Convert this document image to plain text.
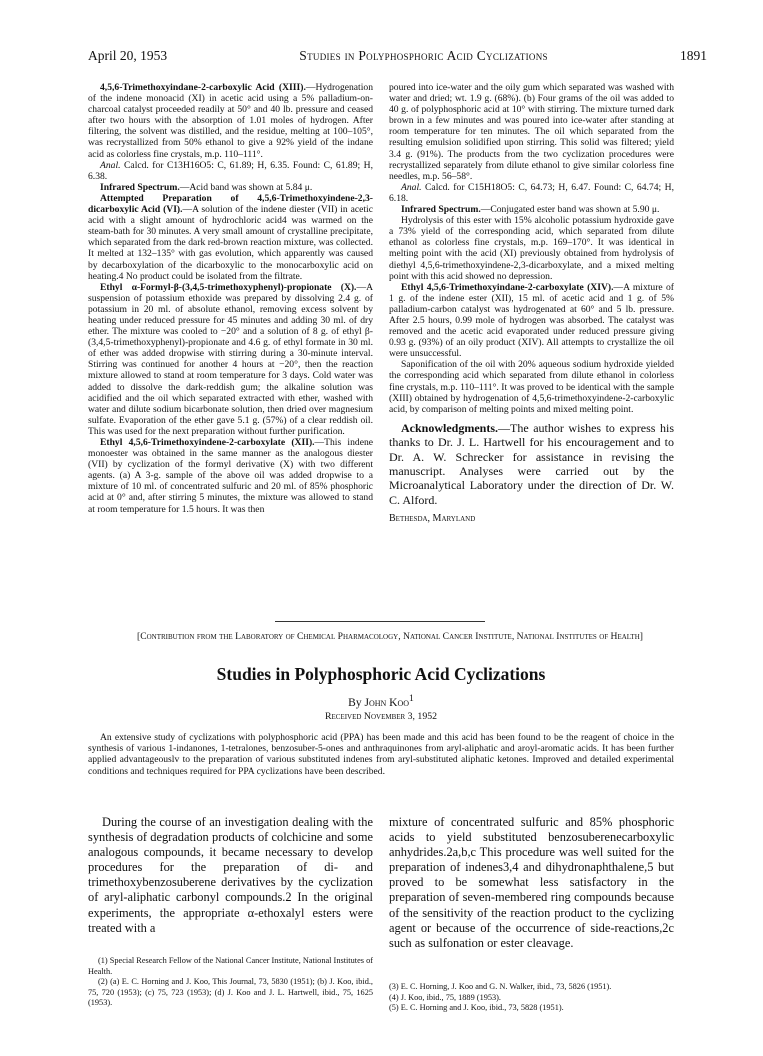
April 20, 1953	Studies in Polyphosphoric Acid Cyclizations	1891

4,5,6-Trimethoxyindane-2-carboxylic Acid (XIII).—Hydrogenation of the indene monoacid (XI) in acetic acid using a 5% palladium-on-charcoal catalyst proceeded readily at 50° and 40 lb. pressure and ceased after two hours with the absorption of 1.01 moles of hydrogen. After filtering, the solvent was distilled, and the residue, melting at 100–105°, was recrystallized from 50% ethanol to give a 92% yield of the indane acid as colorless fine crystals, m.p. 110–111°.

Anal. Calcd. for C13H16O5: C, 61.89; H, 6.35. Found: C, 61.89; H, 6.38.

Infrared Spectrum.—Acid band was shown at 5.84 μ.

Attempted Preparation of 4,5,6-Trimethoxyindene-2,3-dicarboxylic Acid (VI).—A solution of the indene diester (VII) in acetic acid with a slight amount of hydrochloric acid4 was warmed on the steam-bath for 30 minutes. A very small amount of crystalline precipitate, which separated from the dark red-brown reaction mixture, was collected. It melted at 132–135° with gas evolution, which apparently was caused by decarboxylation of the dicarboxylic to the monocarboxylic acid on heating.4 No product could be isolated from the filtrate.

Ethyl α-Formyl-β-(3,4,5-trimethoxyphenyl)-propionate (X).—A suspension of potassium ethoxide was prepared by dissolving 2.4 g. of potassium in 20 ml. of absolute ethanol, removing excess solvent by heating under reduced pressure for 45 minutes and adding 30 ml. of dry ether. The mixture was cooled to −20° and a solution of 8 g. of ethyl β-(3,4,5-trimethoxyphenyl)-propionate and 4.6 g. of ethyl formate in 30 ml. of ether was added dropwise with stirring during a 30-minute interval. Stirring was continued for another 4 hours at −20°, then the reaction mixture allowed to stand at room temperature for 3 days. Cold water was added to dissolve the dark-reddish gum; the alkaline solution was acidified and the oil which separated extracted with ether, washed with water and dilute sodium bicarbonate solution, then dried over magnesium sulfate. Evaporation of the ether gave 5.1 g. (57%) of a clear reddish oil. This was used for the next preparation without further purification.

Ethyl 4,5,6-Trimethoxyindene-2-carboxylate (XII).—This indene monoester was obtained in the same manner as the analogous diester (VII) by cyclization of the formyl derivative (X) with two different agents. (a) A 3-g. sample of the above oil was added dropwise to a mixture of 10 ml. of concentrated sulfuric and 20 ml. of 85% phosphoric acid at 0° and, after stirring 5 minutes, the mixture was allowed to stand at room temperature for 1.5 hours. It was then

poured into ice-water and the oily gum which separated was washed with water and dried; wt. 1.9 g. (68%). (b) Four grams of the oil was added to 40 g. of polyphosphoric acid at 10° with stirring. The mixture turned dark brown in a few minutes and was poured into ice-water after standing at room temperature for ten minutes. The oil which separated from the resulting emulsion solidified upon stirring. This solid was filtered; yield 3.4 g. (91%). The products from the two cyclization procedures were recrystallized separately from dilute ethanol to give similar colorless fine needles, m.p. 56–58°.

Anal. Calcd. for C15H18O5: C, 64.73; H, 6.47. Found: C, 64.74; H, 6.18.

Infrared Spectrum.—Conjugated ester band was shown at 5.90 μ.

Hydrolysis of this ester with 15% alcoholic potassium hydroxide gave a 73% yield of the corresponding acid, which separated from dilute ethanol as colorless fine crystals, m.p. 169–170°. It was identical in melting point with the acid (XI) previously obtained from hydrolysis of diethyl 4,5,6-trimethoxyindene-2,3-dicarboxylate, and a mixed melting point with this acid showed no depression.

Ethyl 4,5,6-Trimethoxyindane-2-carboxylate (XIV).—A mixture of 1 g. of the indene ester (XII), 15 ml. of acetic acid and 1 g. of 5% palladium-carbon catalyst was hydrogenated at 60° and 5 lb. pressure. After 2.5 hours, 0.99 mole of hydrogen was absorbed. The catalyst was removed and the acetic acid evaporated under reduced pressure giving 0.93 g. (93%) of an oily product (XIV). All attempts to crystallize the oil were unsuccessful.

Saponification of the oil with 20% aqueous sodium hydroxide yielded the corresponding acid which separated from dilute ethanol in colorless fine crystals, m.p. 110–111°. It was proved to be identical with the sample (XIII) obtained by hydrogenation of 4,5,6-trimethoxyindene-2-carboxylic acid, by comparison of melting points and mixed melting point.

Acknowledgments.—The author wishes to express his thanks to Dr. J. L. Hartwell for his encouragement and to Dr. A. W. Schrecker for assistance in revising the manuscript. Analyses were carried out by the Microanalytical Laboratory under the direction of Dr. W. C. Alford.

Bethesda, Maryland

[Contribution from the Laboratory of Chemical Pharmacology, National Cancer Institute, National Institutes of Health]
Studies in Polyphosphoric Acid Cyclizations
By John Koo$^1$
Received November 3, 1952
An extensive study of cyclizations with polyphosphoric acid (PPA) has been made and this acid has been found to be the reagent of choice in the synthesis of various 1-indanones, 1-tetralones, benzosuber-5-ones and anthraquinones from aryl-aliphatic and aroyl-aromatic acids. It has been further applied advantageouslv to the preparation of various substituted indenes from aryl-substituted aliphatic ketones. Improved and detailed experimental conditions and techniques required for PPA cyclizations have been described.

During the course of an investigation dealing with the synthesis of degradation products of colchicine and some analogous compounds, it became necessary to develop procedures for the preparation of di- and trimethoxybenzosuberene derivatives by the cyclization of aryl-aliphatic carbonyl compounds.2 In the original experiments, the appropriate α-ethoxalyl esters were treated with a

mixture of concentrated sulfuric and 85% phosphoric acids to yield substituted benzosuberenecarboxylic anhydrides.2a,b,c This procedure was well suited for the preparation of indenes3,4 and dihydronaphthalene,5 but proved to be somewhat less satisfactory in the preparation of seven-membered ring compounds because of the sensitivity of the reaction product to the cyclizing agent or because of the occurrence of side-reactions,2c such as sulfonation or ester cleavage.

(1) Special Research Fellow of the National Cancer Institute, National Institutes of Health.

(2) (a) E. C. Horning and J. Koo, This Journal, 73, 5830 (1951); (b) J. Koo, ibid., 75, 720 (1953); (c) 75, 723 (1953); (d) J. Koo and J. L. Hartwell, ibid., 75, 1625 (1953).

(3) E. C. Horning, J. Koo and G. N. Walker, ibid., 73, 5826 (1951).

(4) J. Koo, ibid., 75, 1889 (1953).

(5) E. C. Horning and J. Koo, ibid., 73, 5828 (1951).
